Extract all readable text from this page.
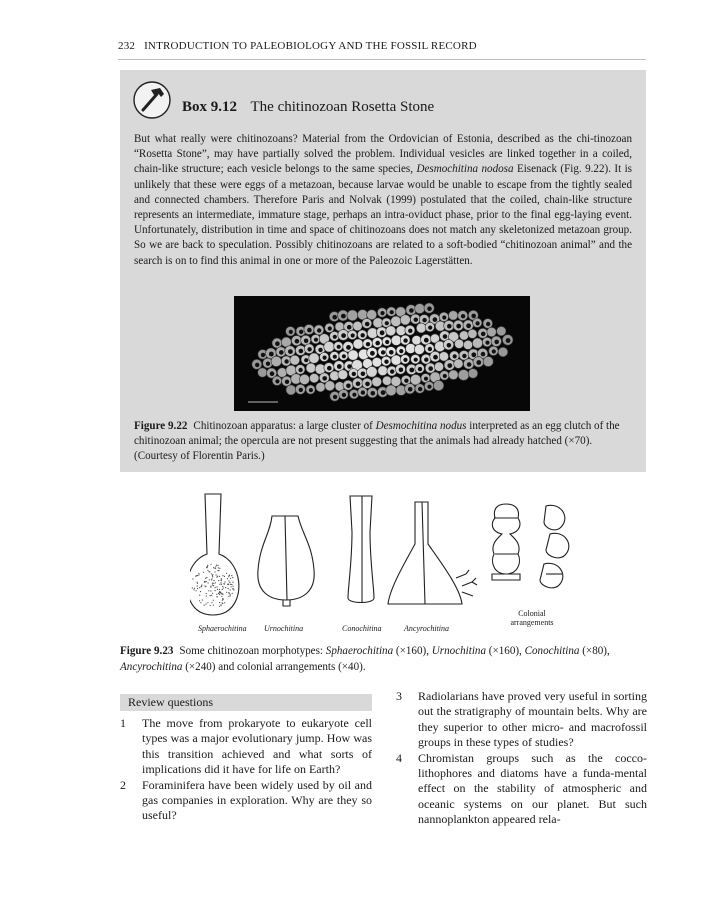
232 INTRODUCTION TO PALEOBIOLOGY AND THE FOSSIL RECORD
Box 9.12 The chitinozoan Rosetta Stone

But what really were chitinozoans? Material from the Ordovician of Estonia, described as the chi-tinozoan “Rosetta Stone”, may have partially solved the problem. Individual vesicles are linked together in a coiled, chain-like structure; each vesicle belongs to the same species, Desmochitina nodosa Eisenack (Fig. 9.22). It is unlikely that these were eggs of a metazoan, because larvae would be unable to escape from the tightly sealed and connected chambers. Therefore Paris and Nolvak (1999) postulated that the coiled, chain-like structure represents an intermediate, immature stage, perhaps an intra-oviduct phase, prior to the final egg-laying event. Unfortunately, distribution in time and space of chitinozoans does not match any skeletonized metazoan group. So we are back to speculation. Possibly chitinozoans are related to a soft-bodied “chitinozoan animal” and the search is on to find this animal in one or more of the Paleozoic Lagerstätten.

Figure 9.22 Chitinozoan apparatus: a large cluster of Desmochitina nodus interpreted as an egg clutch of the chitinozoan animal; the opercula are not present suggesting that the animals had already hatched (×70). (Courtesy of Florentin Paris.)

Sphaerochitina Urnochitina	Conochitina	Ancyrochitina
Colonial
arrangements

Figure 9.23 Some chitinozoan morphotypes: Sphaerochitina (×160), Urnochitina (×160), Conochitina (×80), Ancyrochitina (×240) and colonial arrangements (×40).

Review questions
1 The move from prokaryote to eukaryote cell types was a major evolutionary jump. How was this transition achieved and what sorts of implications did it have for life on Earth?
2 Foraminifera have been widely used by oil and gas companies in exploration. Why are they so useful?
3 Radiolarians have proved very useful in sorting out the stratigraphy of mountain belts. Why are they superior to other micro- and macrofossil groups in these types of studies?
4 Chromistan groups such as the cocco-lithophores and diatoms have a funda-mental effect on the stability of atmospheric and oceanic systems on our planet. But such nannoplankton appeared rela-
